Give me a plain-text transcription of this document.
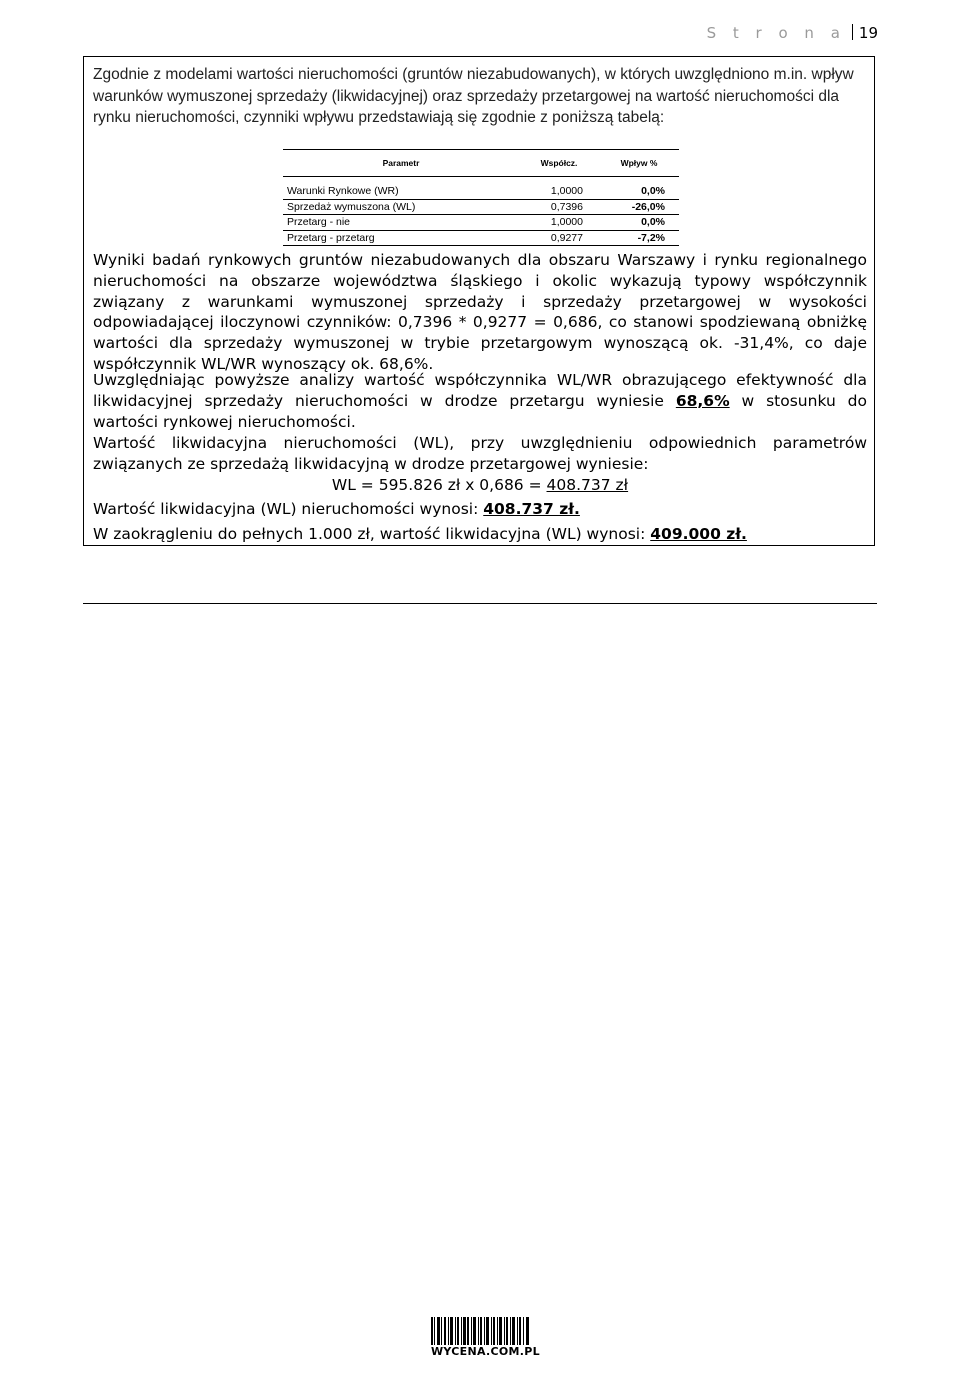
S t r o n a 19

Zgodnie z modelami wartości nieruchomości (gruntów niezabudowanych), w których uwzględniono m.in. wpływ warunków wymuszonej sprzedaży (likwidacyjnej) oraz sprzedaży przetargowej na wartość nieruchomości dla rynku nieruchomości, czynniki wpływu przedstawiają się zgodnie z poniższą tabelą:

Parametr	Współcz.	Wpływ %

Warunki Rynkowe (WR)	1,0000	0,0%
Sprzedaż wymuszona (WL)	0,7396	-26,0%
Przetarg - nie	1,0000	0,0%
Przetarg - przetarg	0,9277	-7,2%

Wyniki badań rynkowych gruntów niezabudowanych dla obszaru Warszawy i rynku regionalnego nieruchomości na obszarze województwa śląskiego i okolic wykazują typowy współczynnik związany z warunkami wymuszonej sprzedaży i sprzedaży przetargowej w wysokości odpowiadającej iloczynowi czynników: 0,7396 * 0,9277 = 0,686, co stanowi spodziewaną obniżkę wartości dla sprzedaży wymuszonej w trybie przetargowym wynoszącą ok. -31,4%, co daje współczynnik WL/WR wynoszący ok. 68,6%.

Uwzględniając powyższe analizy wartość współczynnika WL/WR obrazującego efektywność dla likwidacyjnej sprzedaży nieruchomości w drodze przetargu wyniesie 68,6% w stosunku do wartości rynkowej nieruchomości.

Wartość likwidacyjna nieruchomości (WL), przy uwzględnieniu odpowiednich parametrów związanych ze sprzedażą likwidacyjną w drodze przetargowej wyniesie:

WL = 595.826 zł x 0,686 = 408.737 zł

Wartość likwidacyjna (WL) nieruchomości wynosi: 408.737 zł.

W zaokrągleniu do pełnych 1.000 zł, wartość likwidacyjna (WL) wynosi: 409.000 zł.

WYCENA.COM.PL
